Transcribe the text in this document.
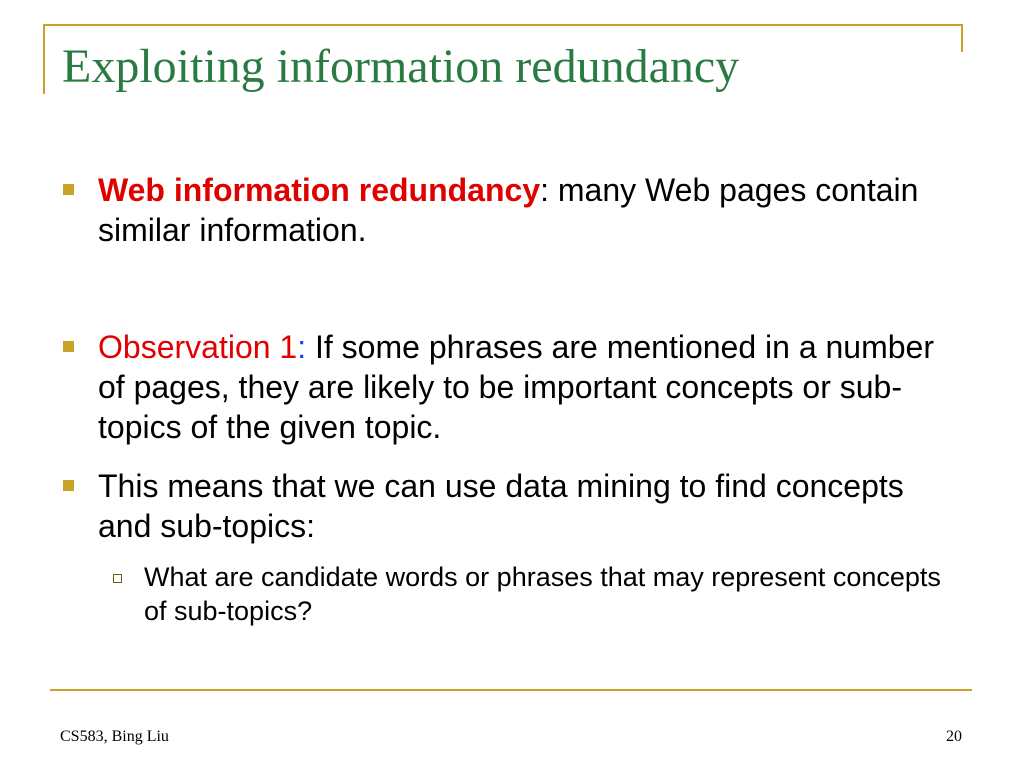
Exploiting information redundancy
Web information redundancy: many Web pages contain similar information.
Observation 1: If some phrases are mentioned in a number of pages, they are likely to be important concepts or sub-topics of the given topic.
This means that we can use data mining to find concepts and sub-topics:
What are candidate words or phrases that may represent concepts of sub-topics?
CS583, Bing Liu	20
